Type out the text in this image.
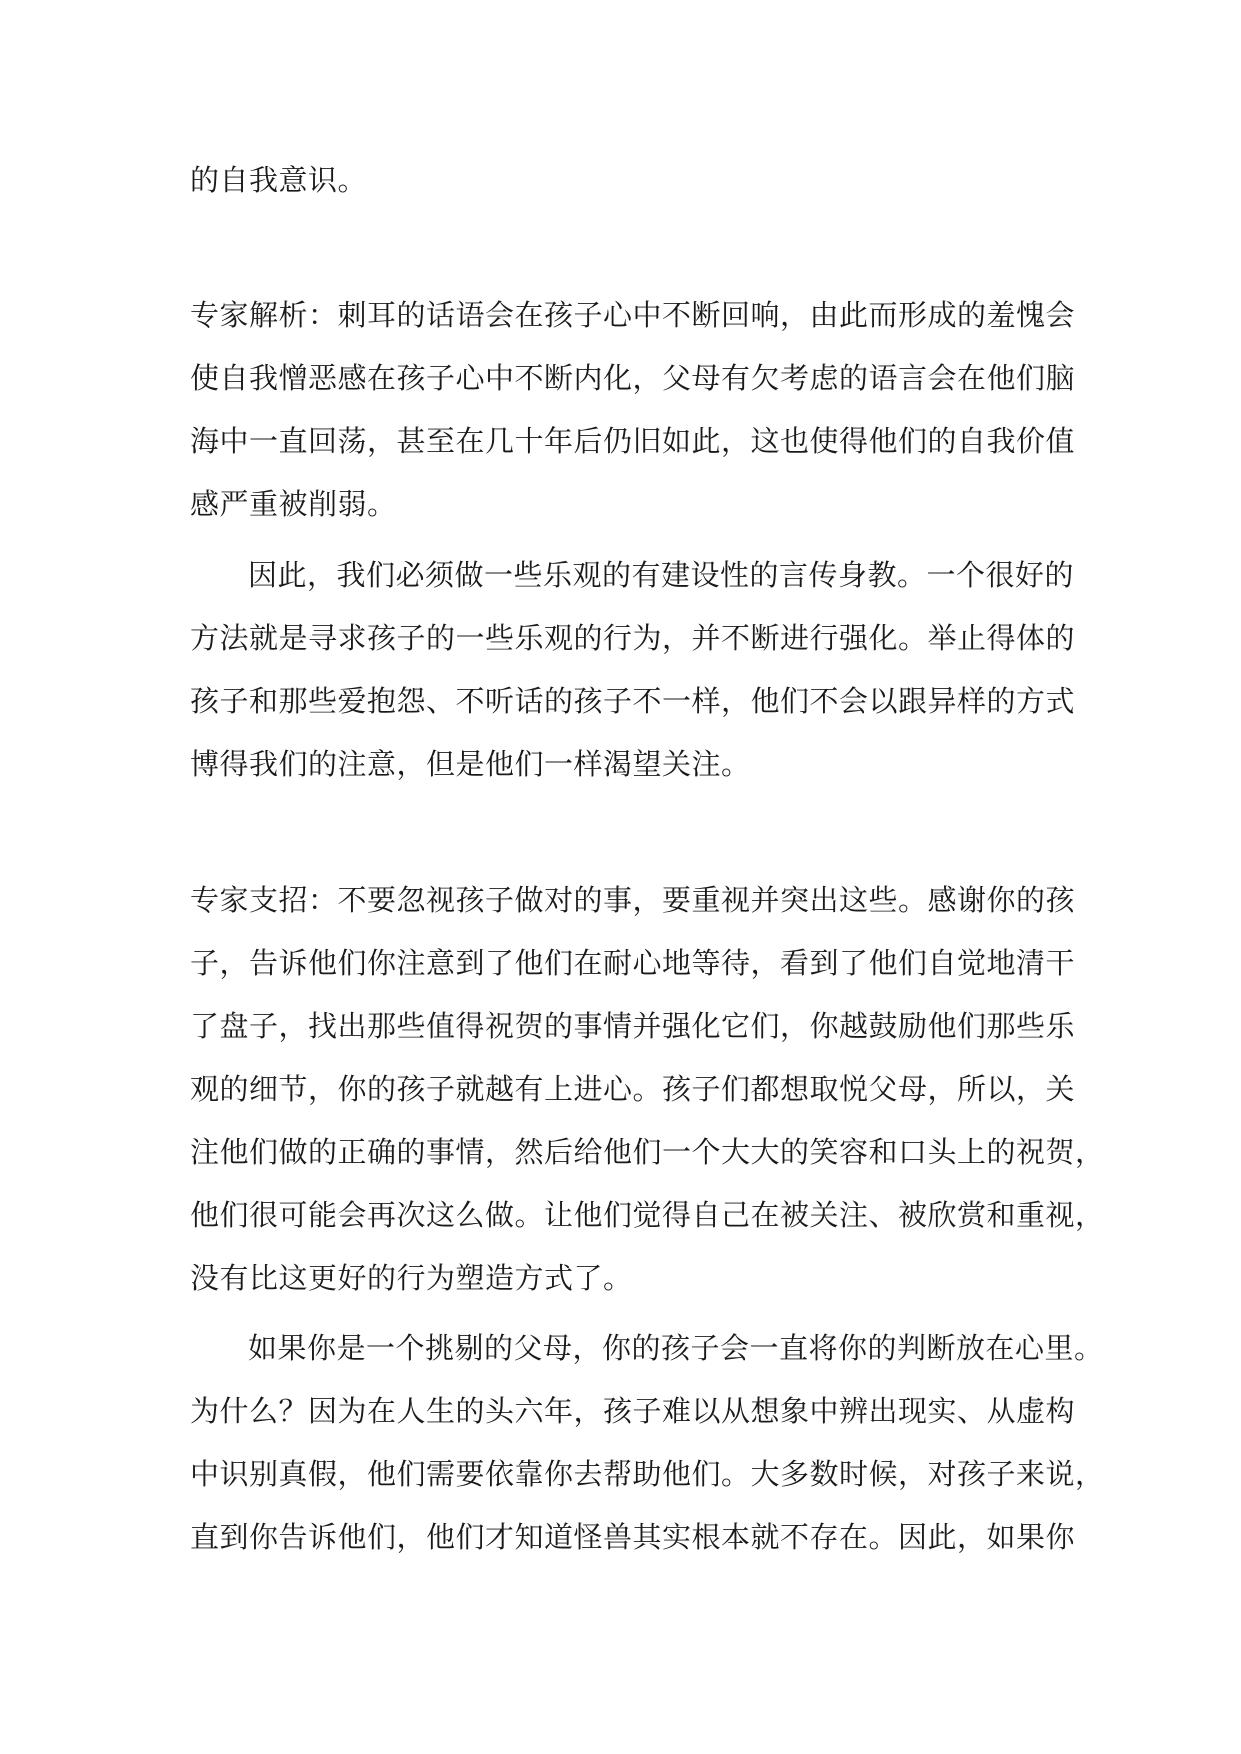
的自我意识。
专家解析：刺耳的话语会在孩子心中不断回响，由此而形成的羞愧会
使自我憎恶感在孩子心中不断内化，父母有欠考虑的语言会在他们脑
海中一直回荡，甚至在几十年后仍旧如此，这也使得他们的自我价值
感严重被削弱。
因此，我们必须做一些乐观的有建设性的言传身教。一个很好的
方法就是寻求孩子的一些乐观的行为，并不断进行强化。举止得体的
孩子和那些爱抱怨、不听话的孩子不一样，他们不会以跟异样的方式
博得我们的注意，但是他们一样渴望关注。
专家支招：不要忽视孩子做对的事，要重视并突出这些。感谢你的孩
子，告诉他们你注意到了他们在耐心地等待，看到了他们自觉地清干
了盘子，找出那些值得祝贺的事情并强化它们，你越鼓励他们那些乐
观的细节，你的孩子就越有上进心。孩子们都想取悦父母，所以，关
注他们做的正确的事情，然后给他们一个大大的笑容和口头上的祝贺，
他们很可能会再次这么做。让他们觉得自己在被关注、被欣赏和重视，
没有比这更好的行为塑造方式了。
如果你是一个挑剔的父母，你的孩子会一直将你的判断放在心里。
为什么？因为在人生的头六年，孩子难以从想象中辨出现实、从虚构
中识别真假，他们需要依靠你去帮助他们。大多数时候，对孩子来说，
直到你告诉他们，他们才知道怪兽其实根本就不存在。因此，如果你
